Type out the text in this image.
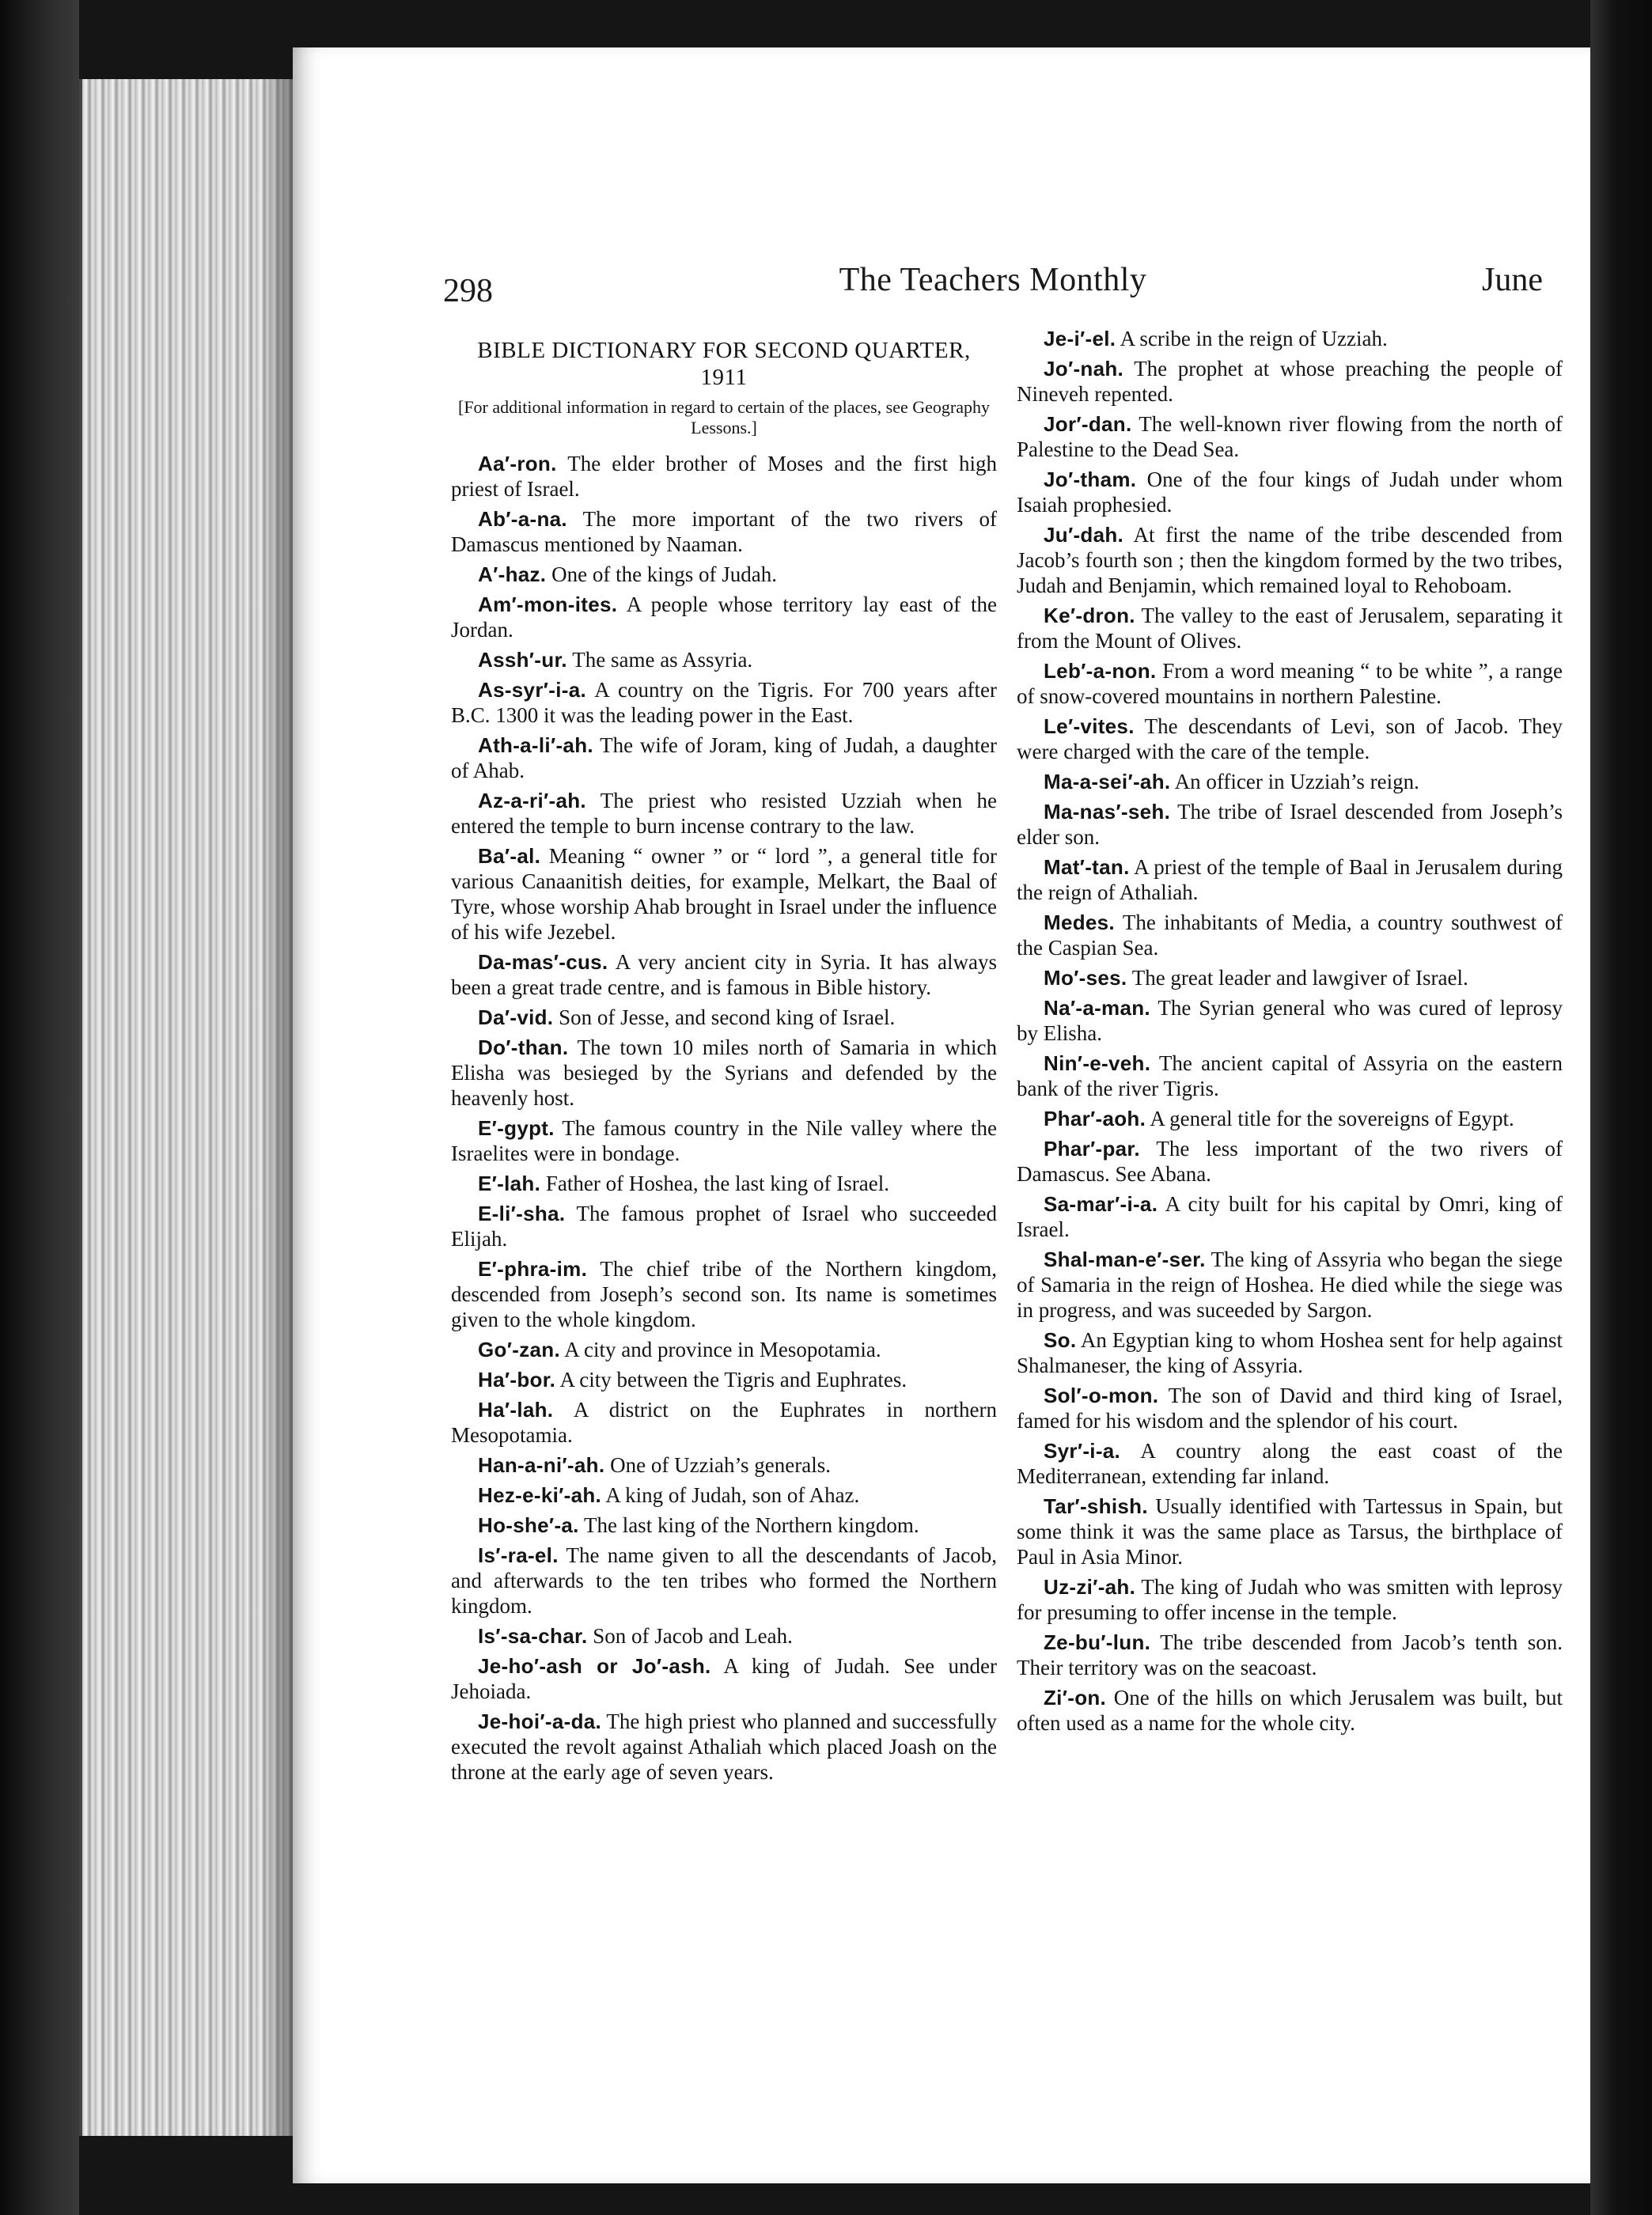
298	The Teachers Monthly	June
BIBLE DICTIONARY FOR SECOND QUARTER, 1911
[For additional information in regard to certain of the places, see Geography Lessons.]

Aa′-ron. The elder brother of Moses and the first high priest of Israel.

Ab′-a-na. The more important of the two rivers of Damascus mentioned by Naaman.

A′-haz. One of the kings of Judah.

Am′-mon-ites. A people whose territory lay east of the Jordan.

Assh′-ur. The same as Assyria.

As-syr′-i-a. A country on the Tigris. For 700 years after B.C. 1300 it was the leading power in the East.

Ath-a-li′-ah. The wife of Joram, king of Judah, a daughter of Ahab.

Az-a-ri′-ah. The priest who resisted Uzziah when he entered the temple to burn incense contrary to the law.

Ba′-al. Meaning “ owner ” or “ lord ”, a general title for various Canaanitish deities, for example, Melkart, the Baal of Tyre, whose worship Ahab brought in Israel under the influence of his wife Jezebel.

Da-mas′-cus. A very ancient city in Syria. It has always been a great trade centre, and is famous in Bible history.

Da′-vid. Son of Jesse, and second king of Israel.

Do′-than. The town 10 miles north of Samaria in which Elisha was besieged by the Syrians and defended by the heavenly host.

E′-gypt. The famous country in the Nile valley where the Israelites were in bondage.

E′-lah. Father of Hoshea, the last king of Israel.

E-li′-sha. The famous prophet of Israel who succeeded Elijah.

E′-phra-im. The chief tribe of the Northern kingdom, descended from Joseph’s second son. Its name is sometimes given to the whole kingdom.

Go′-zan. A city and province in Mesopotamia.

Ha′-bor. A city between the Tigris and Euphrates.

Ha′-lah. A district on the Euphrates in northern Mesopotamia.

Han-a-ni′-ah. One of Uzziah’s generals.

Hez-e-ki′-ah. A king of Judah, son of Ahaz.

Ho-she′-a. The last king of the Northern kingdom.

Is′-ra-el. The name given to all the descendants of Jacob, and afterwards to the ten tribes who formed the Northern kingdom.

Is′-sa-char. Son of Jacob and Leah.

Je-ho′-ash or Jo′-ash. A king of Judah. See under Jehoiada.

Je-hoi′-a-da. The high priest who planned and successfully executed the revolt against Athaliah which placed Joash on the throne at the early age of seven years.

Je-i′-el. A scribe in the reign of Uzziah.

Jo′-nah. The prophet at whose preaching the people of Nineveh repented.

Jor′-dan. The well-known river flowing from the north of Palestine to the Dead Sea.

Jo′-tham. One of the four kings of Judah under whom Isaiah prophesied.

Ju′-dah. At first the name of the tribe descended from Jacob’s fourth son ; then the kingdom formed by the two tribes, Judah and Benjamin, which remained loyal to Rehoboam.

Ke′-dron. The valley to the east of Jerusalem, separating it from the Mount of Olives.

Leb′-a-non. From a word meaning “ to be white ”, a range of snow-covered mountains in northern Palestine.

Le′-vites. The descendants of Levi, son of Jacob. They were charged with the care of the temple.

Ma-a-sei′-ah. An officer in Uzziah’s reign.

Ma-nas′-seh. The tribe of Israel descended from Joseph’s elder son.

Mat′-tan. A priest of the temple of Baal in Jerusalem during the reign of Athaliah.

Medes. The inhabitants of Media, a country southwest of the Caspian Sea.

Mo′-ses. The great leader and lawgiver of Israel.

Na′-a-man. The Syrian general who was cured of leprosy by Elisha.

Nin′-e-veh. The ancient capital of Assyria on the eastern bank of the river Tigris.

Phar′-aoh. A general title for the sovereigns of Egypt.

Phar′-par. The less important of the two rivers of Damascus. See Abana.

Sa-mar′-i-a. A city built for his capital by Omri, king of Israel.

Shal-man-e′-ser. The king of Assyria who began the siege of Samaria in the reign of Hoshea. He died while the siege was in progress, and was suceeded by Sargon.

So. An Egyptian king to whom Hoshea sent for help against Shalmaneser, the king of Assyria.

Sol′-o-mon. The son of David and third king of Israel, famed for his wisdom and the splendor of his court.

Syr′-i-a. A country along the east coast of the Mediterranean, extending far inland.

Tar′-shish. Usually identified with Tartessus in Spain, but some think it was the same place as Tarsus, the birthplace of Paul in Asia Minor.

Uz-zi′-ah. The king of Judah who was smitten with leprosy for presuming to offer incense in the temple.

Ze-bu′-lun. The tribe descended from Jacob’s tenth son. Their territory was on the seacoast.

Zi′-on. One of the hills on which Jerusalem was built, but often used as a name for the whole city.
